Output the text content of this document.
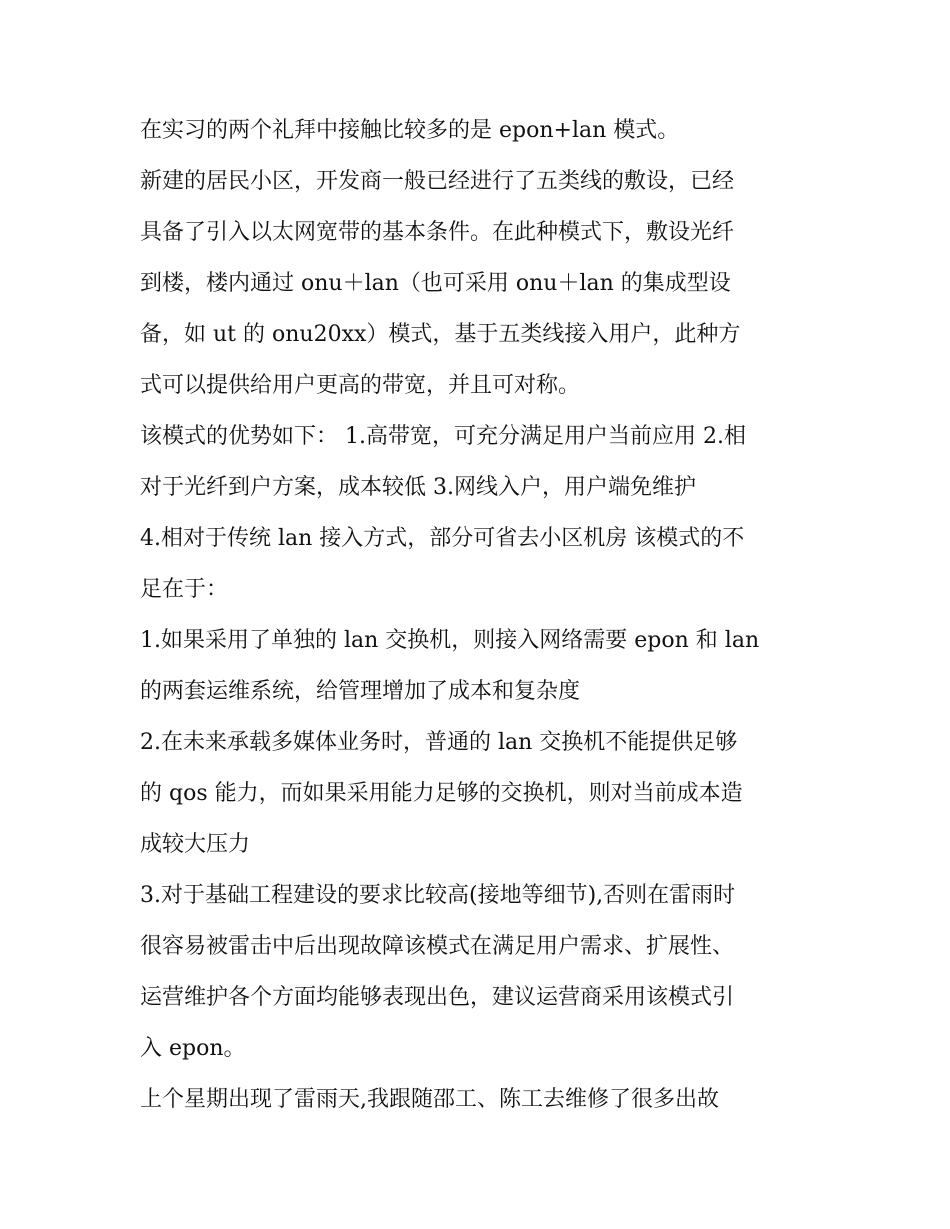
在实习的两个礼拜中接触比较多的是 epon+lan 模式。
新建的居民小区，开发商一般已经进行了五类线的敷设，已经
具备了引入以太网宽带的基本条件。在此种模式下，敷设光纤
到楼，楼内通过 onu＋lan（也可采用 onu＋lan 的集成型设
备，如 ut 的 onu20xx）模式，基于五类线接入用户，此种方
式可以提供给用户更高的带宽，并且可对称。
该模式的优势如下： 1.高带宽，可充分满足用户当前应用 2.相
对于光纤到户方案，成本较低 3.网线入户，用户端免维护
4.相对于传统 lan 接入方式，部分可省去小区机房 该模式的不
足在于：
1.如果采用了单独的 lan 交换机，则接入网络需要 epon 和 lan
的两套运维系统，给管理增加了成本和复杂度
2.在未来承载多媒体业务时，普通的 lan 交换机不能提供足够
的 qos 能力，而如果采用能力足够的交换机，则对当前成本造
成较大压力
3.对于基础工程建设的要求比较高(接地等细节),否则在雷雨时
很容易被雷击中后出现故障该模式在满足用户需求、扩展性、
运营维护各个方面均能够表现出色，建议运营商采用该模式引
入 epon。
上个星期出现了雷雨天,我跟随邵工、陈工去维修了很多出故
